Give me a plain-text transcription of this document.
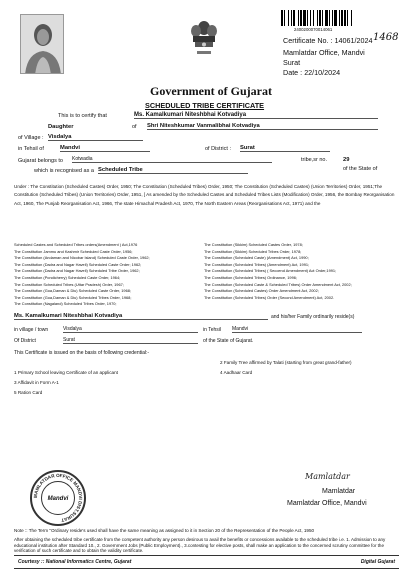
2400200070014061
Certificate No. : 14061/2024 1468
Mamlatdar Office, Mandvi
Surat
Date : 22/10/2024
Government of Gujarat
SCHEDULED TRIBE CERTIFICATE
This is to certify that	Ms. Kamalkumari Niteshbhai Kotvadiya
Daughter	of Shri Niteshkumar Vanmalibhai Kotvadiya
of Village : Visdalya
in Tehsil of	Mandvi	of District : Surat
Gujarat belongs to Kotwadia	tribe,sr no.	29
of the State of
which is recognised as a Scheduled Tribe
Under : The Constitution (Scheduled Castes) Order, 1950; The Constitution (Scheduled Tribes) Order, 1950; The Constitution (Scheduled Castes) (Union Territories) Order, 1951;The Constitution (Scheduled Tribes) (Union Territories) Order, 1951, [ As amended by the Scheduled Castes and Scheduled Tribes Lists (Modification) Order, 1956, the Bombay Reorganisation Act, 1960, The Punjab Reorganisation Act, 1966, The state Himachal Pradesh Act, 1970, The North Eastern Areas (Reorganisations Act, 1971) and the
Scheduled Castes and Scheduled Tribes orders(Amendment ) Act,1976
The Constitution Jammu and Kashmir Scheduled Caste Order, 1956;
The Constitution (Andaman and Nicobar Island) Scheduled Caste Order, 1962;
The Constitution (Dadra and Nagar Haveli) Scheduled Caste Order; 1962;
The Constitution (Dadra and Nagar Haveli) Scheduled Tribe Order, 1962;
The Constitution (Pondicherry) Scheduled Caste Order, 1964;
The Constitution Scheduled Tribes (Uttar Pradesh) Order, 1967;
The Constitution (Goa,Daman & Diu) Scheduled Caste Order, 1968;
The Constitution (Goa,Daman & Diu) Scheduled Tribes Order, 1968;
The Constitution (Nagaland) Scheduled Tribes Order, 1970;
The Constitution (Sikkim) Scheduled Castes Order, 1978;
The Constitution (Sikkim) Scheduled Tribes Order, 1978;
The Constitution (Scheduled Caste) (Amendment) Act, 1990;
The Constitution (Scheduled Tribes) (Amendment) Act, 1991;
The Constitution (Scheduled Tribes) ( Secoend Amendment) Act Order,1991;
The Constitution (Scheduled Tribes) Ordinance, 1996;
The Constitution (Scheduled Caste & Scheduled Tribes) Order Amendment Act, 2002;
The Constitution (Scheduled Castes) Order Amendment Act, 2002;
The Constitution (Scheduled Tribes) Order (Second Amendment) Act, 2002.
Ms. Kamalkumari Niteshbhai Kotvadiya	and his/her Family ordinarily reside(s)
in village / town	Visdalya	in Tehsil Mandvi
Of District	Surat	of the State of Gujarat.
This Certificate is issued on the basis of following credential:-
1 Primary School leaving Certificate of an applicant
3 Affidavit in Form A-1
5 Ration Card
2 Family Tree affirmed by Talati (starting from great grand-father)
4 Aadhaar Card
Mandvi
MAMLATDAR OFFICE MANDVI DIST.SURAT
Mamlatdar
Mamlatdar
Mamlatdar Office, Mandvi
Note :: The Term "Ordinary reside's used shall have the same meaning as assigned to it in Section 20 of the Representation of the People Act, 1950
After obtaining the scheduled tribe certificate from the competent authority any person desirous to avail the benefits or concessions available to the scheduled tribe i.e. 1. Admission to any educational institution after Standard 10., 2. Government Jobs (Public Employment)., 3.contesting for elective posts, shall make an application to the concerned scrutiny committee for the verification of such certificate and to obtain the validity certificate.
Courtesy :: National Informatics Centre, Gujarat	Digital Gujarat
